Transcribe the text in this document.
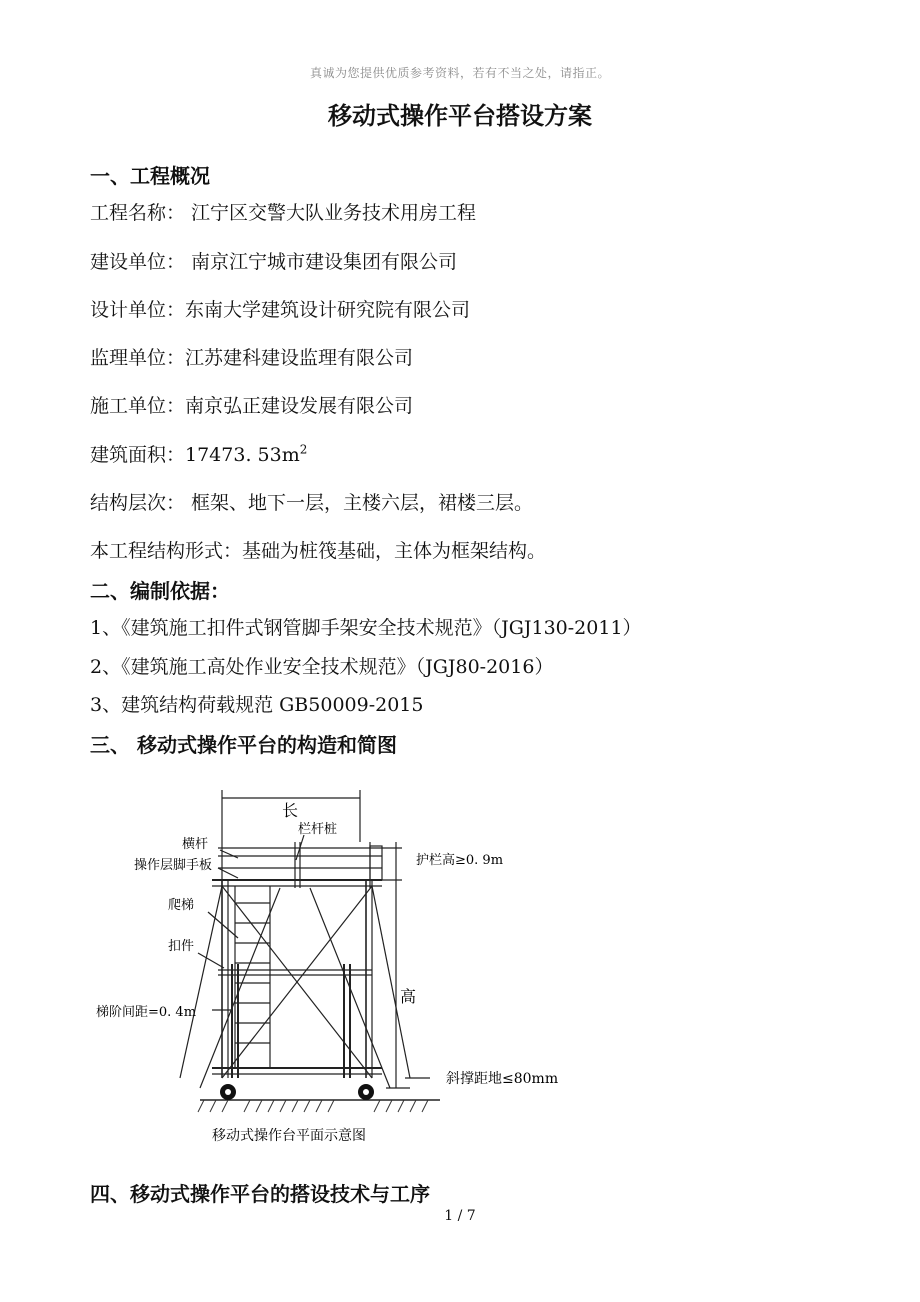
真诚为您提供优质参考资料，若有不当之处，请指正。
移动式操作平台搭设方案
一、工程概况
工程名称： 江宁区交警大队业务技术用房工程
建设单位： 南京江宁城市建设集团有限公司
设计单位：东南大学建筑设计研究院有限公司
监理单位：江苏建科建设监理有限公司
施工单位：南京弘正建设发展有限公司
建筑面积：17473. $53m^2$
结构层次： 框架、地下一层，主楼六层，裙楼三层。
本工程结构形式：基础为桩筏基础，主体为框架结构。
二、编制依据：
1、《建筑施工扣件式钢管脚手架安全技术规范》（JGJ130-2011）
2、《建筑施工高处作业安全技术规范》（JGJ80-2016）
3、建筑结构荷载规范 GB50009-2015
三、 移动式操作平台的构造和简图
长
高
横杆
栏杆桩
操作层脚手板	护栏高≥0. 9m
爬梯
扣件
梯阶间距=0. 4m
斜撑距地≤80mm
移动式操作台平面示意图
四、移动式操作平台的搭设技术与工序
1 / 7
